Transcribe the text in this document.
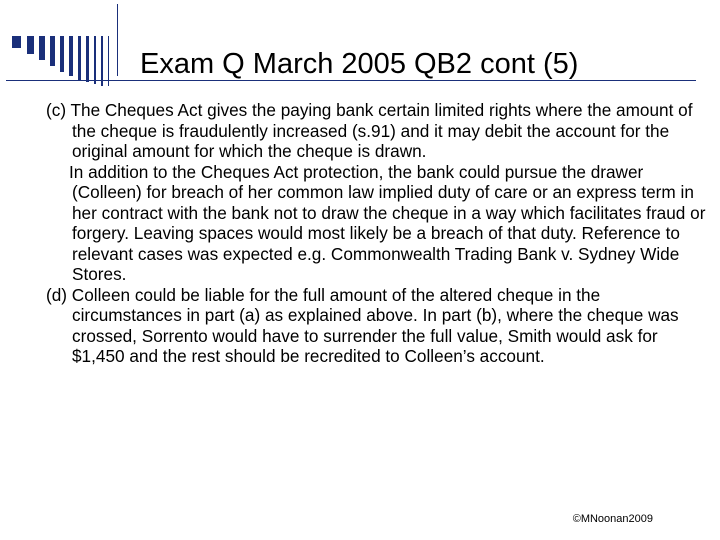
Exam Q March 2005 QB2 cont (5)

(c) The Cheques Act gives the paying bank certain limited rights where the amount of the cheque is fraudulently increased (s.91) and it may debit the account for the original amount for which the cheque is drawn.

In addition to the Cheques Act protection, the bank could pursue the drawer (Colleen) for breach of her common law implied duty of care or an express term in her contract with the bank not to draw the cheque in a way which facilitates fraud or forgery. Leaving spaces would most likely be a breach of that duty. Reference to relevant cases was expected e.g. Commonwealth Trading Bank v. Sydney Wide Stores.

(d) Colleen could be liable for the full amount of the altered cheque in the circumstances in part (a) as explained above. In part (b), where the cheque was crossed, Sorrento would have to surrender the full value, Smith would ask for $1,450 and the rest should be recredited to Colleen’s account.

©MNoonan2009
